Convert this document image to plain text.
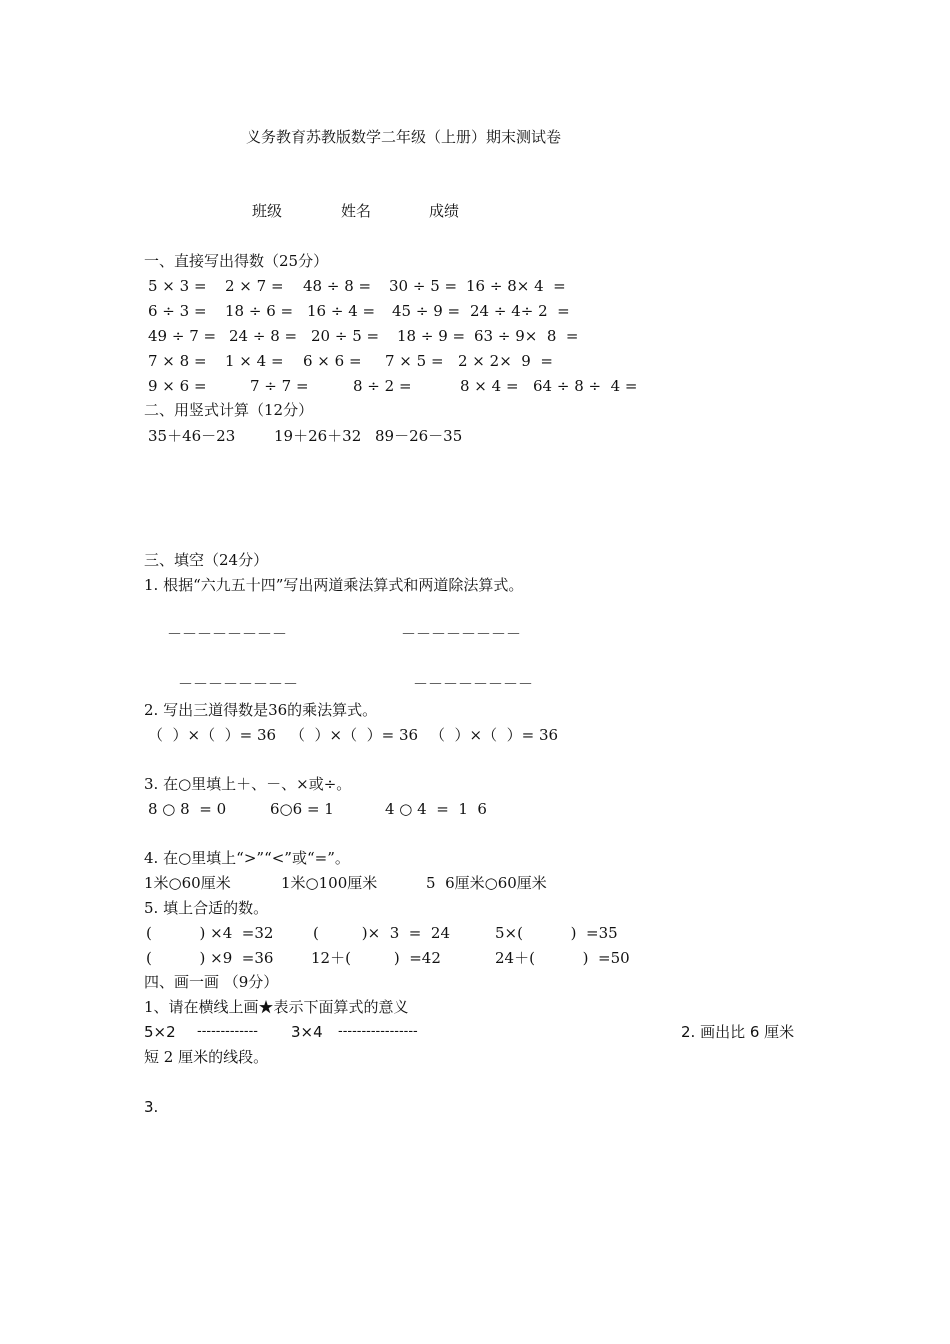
义务教育苏教版数学二年级（上册）期末测试卷
班级	姓名	成绩
一、直接写出得数（25分）
5 × 3 = 2 × 7 = 48 ÷ 8 = 30 ÷ 5 = 16 ÷ 8× 4  =
6 ÷ 3 = 18 ÷ 6 = 16 ÷ 4 = 45 ÷ 9 = 24 ÷ 4÷ 2  =
49 ÷ 7 = 24 ÷ 8 = 20 ÷ 5 = 18 ÷ 9 = 63 ÷ 9×  8  =
7 × 8 = 1 × 4 = 6 × 6 = 7 × 5 = 2 × 2×  9  =
9 × 6 =	7 ÷ 7 =	8 ÷ 2 =	8 × 4 = 64 ÷ 8 ÷  4 =
二、用竖式计算（12分）
35＋46－23	19＋26＋32 89－26－35
三、填空（24分）
1. 根据“六九五十四”写出两道乘法算式和两道除法算式。
－－－－－－－－	－－－－－－－－
－－－－－－－－	－－－－－－－－
2. 写出三道得数是36的乘法算式。
（  ）×（  ）= 36 （  ）×（  ）= 36 （  ）×（  ）= 36
3. 在○里填上＋、－、×或÷。
8 ○ 8  = 0	6○6 = 1	4 ○ 4  =  1  6
4. 在○里填上“>”“<”或“=”。
1米○60厘米	1米○100厘米	5  6厘米○60厘米
5. 填上合适的数。
(          ) ×4  =32	(         )×  3  =  24	5×(          )  =35
(          ) ×9  =36	12＋(         )  =42	24＋(          )  =50
四、画一画 （9分）
1、请在横线上画★表示下面算式的意义
5×2 ------------- 3×4 -----------------	2. 画出比 6 厘米
短 2 厘米的线段。
3.
